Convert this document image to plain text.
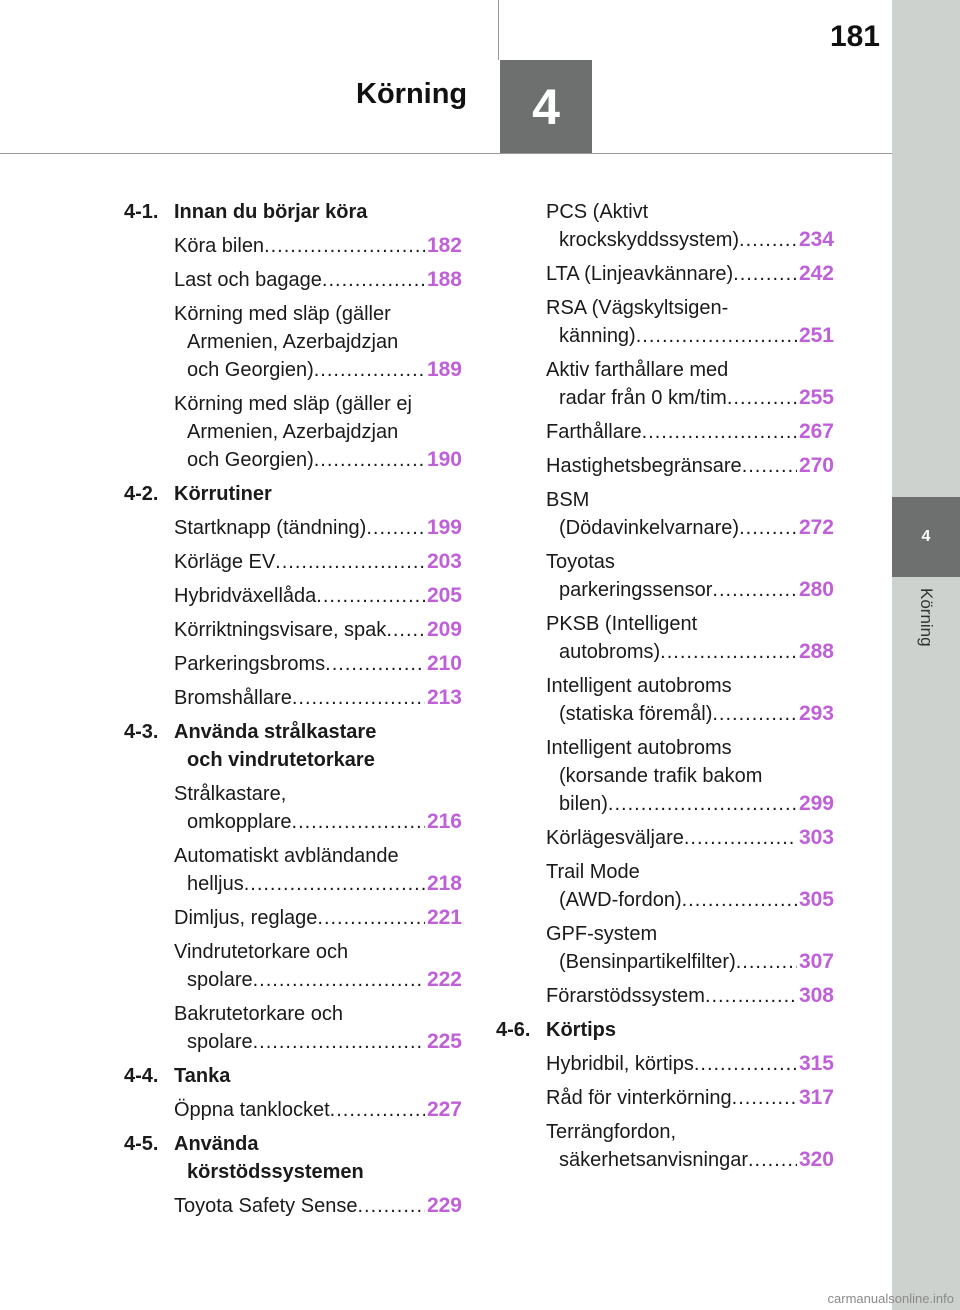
181
Körning	4
4
Körning
4-1. Innan du börjar köra
Köra bilen .....	182
Last och bagage .....	188
Körning med släp (gäller
Armenien, Azerbajdzjan
och Georgien) .....	189
Körning med släp (gäller ej
Armenien, Azerbajdzjan
och Georgien) .....	190
4-2. Körrutiner
Startknapp (tändning) .....	199
Körläge EV .....	203
Hybridväxellåda .....	205
Körriktningsvisare, spak ..... 209
Parkeringsbroms .....	210
Bromshållare .....	213
4-3. Använda strålkastare
och vindrutetorkare
Strålkastare,
omkopplare .....	216
Automatiskt avbländande
helljus .....	218
Dimljus, reglage .....	221
Vindrutetorkare och
spolare .....	222
Bakrutetorkare och
spolare .....	225
4-4. Tanka
Öppna tanklocket .....	227
4-5. Använda
körstödssystemen
Toyota Safety Sense .....	229
PCS (Aktivt
krockskyddssystem) .....	234
LTA (Linjeavkännare) .....	242
RSA (Vägskyltsigen-
känning) .....	251
Aktiv farthållare med
radar från 0 km/tim .....	255
Farthållare .....	267
Hastighetsbegränsare .....	270
BSM
(Dödavinkelvarnare) .....	272
Toyotas
parkeringssensor .....	280
PKSB (Intelligent
autobroms) .....	288
Intelligent autobroms
(statiska föremål) .....	293
Intelligent autobroms
(korsande trafik bakom
bilen) .....	299
Körlägesväljare .....	303
Trail Mode
(AWD-fordon) .....	305
GPF-system
(Bensinpartikelfilter) .....	307
Förarstödssystem .....	308
4-6. Körtips
Hybridbil, körtips .....	315
Råd för vinterkörning .....	317
Terrängfordon,
säkerhetsanvisningar ..... 320
carmanualsonline.info
